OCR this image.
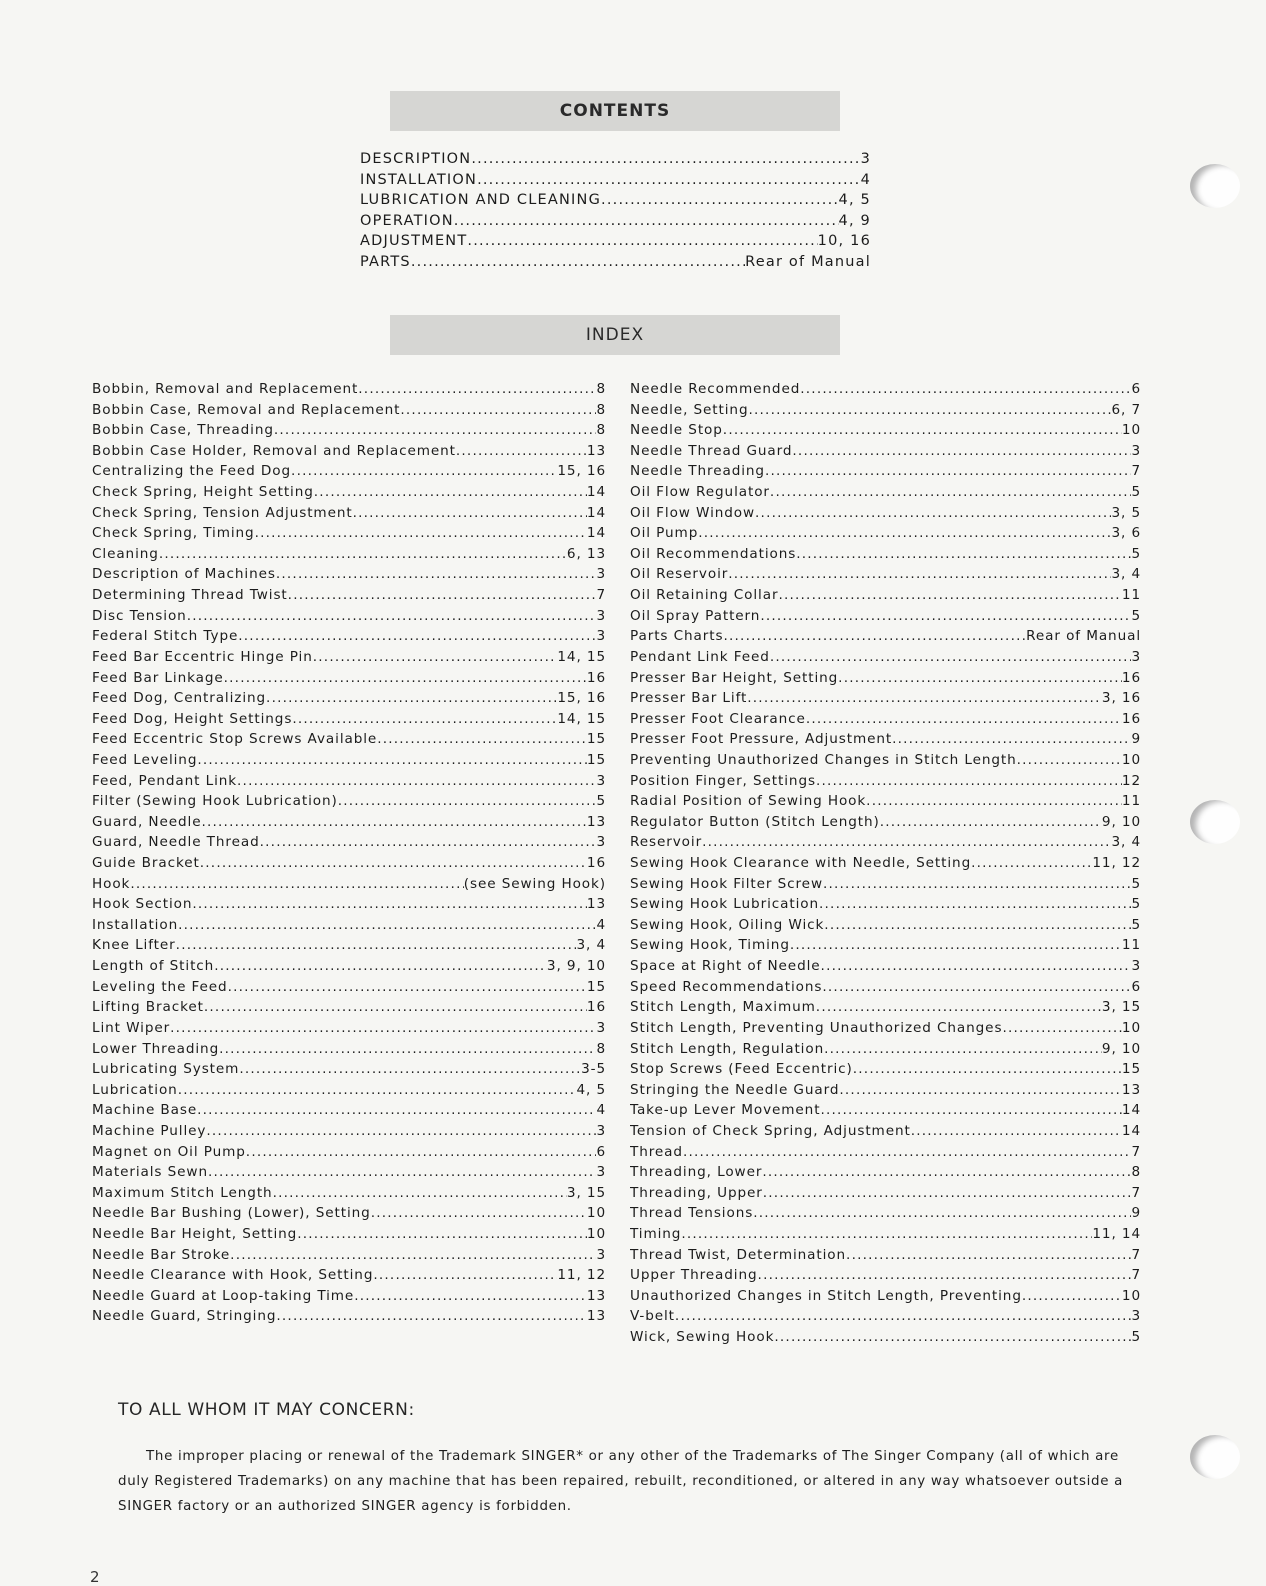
CONTENTS
DESCRIPTION .....	3
INSTALLATION .....	4
LUBRICATION AND CLEANING .....	4, 5
OPERATION .....	4, 9
ADJUSTMENT .....	10, 16
PARTS .....	Rear of Manual
INDEX
Bobbin, Removal and Replacement .....	8
Bobbin Case, Removal and Replacement .....	8
Bobbin Case, Threading .....	8
Bobbin Case Holder, Removal and Replacement .....	13
Centralizing the Feed Dog .....	15, 16
Check Spring, Height Setting .....	14
Check Spring, Tension Adjustment .....	14
Check Spring, Timing .....	14
Cleaning .....	6, 13
Description of Machines .....	3
Determining Thread Twist .....	7
Disc Tension .....	3
Federal Stitch Type .....	3
Feed Bar Eccentric Hinge Pin .....	14, 15
Feed Bar Linkage .....	16
Feed Dog, Centralizing .....	15, 16
Feed Dog, Height Settings .....	14, 15
Feed Eccentric Stop Screws Available .....	15
Feed Leveling .....	15
Feed, Pendant Link .....	3
Filter (Sewing Hook Lubrication) .....	5
Guard, Needle .....	13
Guard, Needle Thread .....	3
Guide Bracket .....	16
Hook .....	(see Sewing Hook)
Hook Section .....	13
Installation .....	4
Knee Lifter .....	3, 4
Length of Stitch .....	3, 9, 10
Leveling the Feed .....	15
Lifting Bracket .....	16
Lint Wiper .....	3
Lower Threading .....	8
Lubricating System .....	3-5
Lubrication .....	4, 5
Machine Base .....	4
Machine Pulley .....	3
Magnet on Oil Pump .....	6
Materials Sewn .....	3
Maximum Stitch Length .....	3, 15
Needle Bar Bushing (Lower), Setting .....	10
Needle Bar Height, Setting .....	10
Needle Bar Stroke .....	3
Needle Clearance with Hook, Setting .....	11, 12
Needle Guard at Loop-taking Time .....	13
Needle Guard, Stringing .....	13
Needle Recommended .....	6
Needle, Setting .....	6, 7
Needle Stop .....	10
Needle Thread Guard .....	3
Needle Threading .....	7
Oil Flow Regulator .....	5
Oil Flow Window .....	3, 5
Oil Pump .....	3, 6
Oil Recommendations .....	5
Oil Reservoir .....	3, 4
Oil Retaining Collar .....	11
Oil Spray Pattern .....	5
Parts Charts .....	Rear of Manual
Pendant Link Feed .....	3
Presser Bar Height, Setting .....	16
Presser Bar Lift .....	3, 16
Presser Foot Clearance .....	16
Presser Foot Pressure, Adjustment .....	9
Preventing Unauthorized Changes in Stitch Length .....	10
Position Finger, Settings .....	12
Radial Position of Sewing Hook .....	11
Regulator Button (Stitch Length) .....	9, 10
Reservoir .....	3, 4
Sewing Hook Clearance with Needle, Setting .....	11, 12
Sewing Hook Filter Screw .....	5
Sewing Hook Lubrication .....	5
Sewing Hook, Oiling Wick .....	5
Sewing Hook, Timing .....	11
Space at Right of Needle .....	3
Speed Recommendations .....	6
Stitch Length, Maximum .....	3, 15
Stitch Length, Preventing Unauthorized Changes .....	10
Stitch Length, Regulation .....	9, 10
Stop Screws (Feed Eccentric) .....	15
Stringing the Needle Guard .....	13
Take-up Lever Movement .....	14
Tension of Check Spring, Adjustment .....	14
Thread .....	7
Threading, Lower .....	8
Threading, Upper .....	7
Thread Tensions .....	9
Timing .....	11, 14
Thread Twist, Determination .....	7
Upper Threading .....	7
Unauthorized Changes in Stitch Length, Preventing .....	10
V-belt .....	3
Wick, Sewing Hook .....	5
TO ALL WHOM IT MAY CONCERN:
The improper placing or renewal of the Trademark SINGER* or any other of the Trademarks of The Singer Company (all of which are duly Registered Trademarks) on any machine that has been repaired, rebuilt, reconditioned, or altered in any way whatsoever outside a SINGER factory or an authorized SINGER agency is forbidden.
2
